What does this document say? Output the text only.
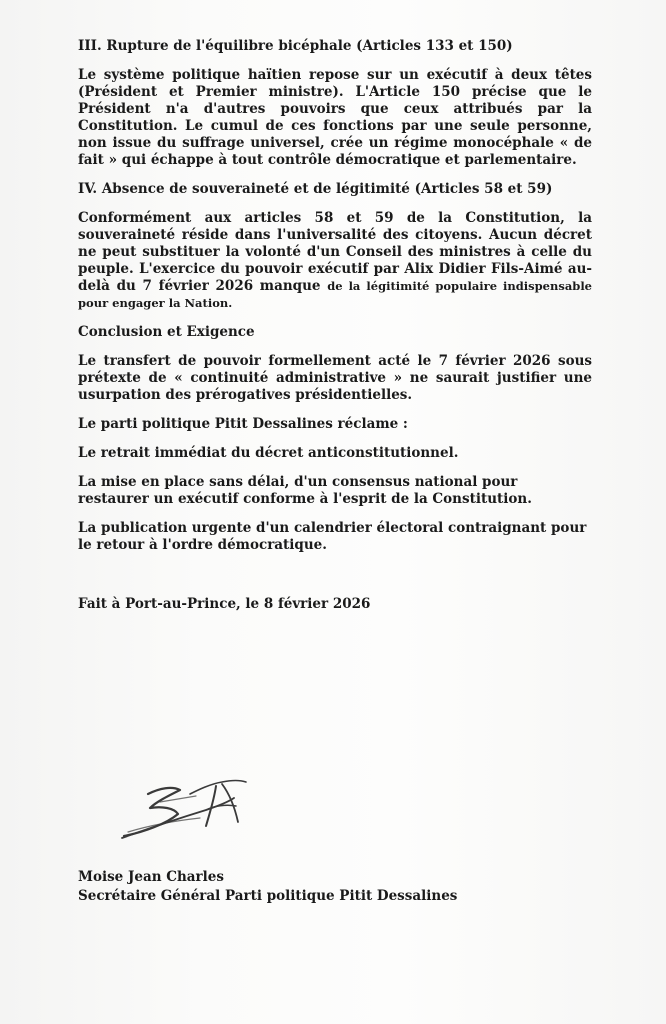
III. Rupture de l'équilibre bicéphale (Articles 133 et 150)

Le système politique haïtien repose sur un exécutif à deux têtes (Président et Premier ministre). L'Article 150 précise que le Président n'a d'autres pouvoirs que ceux attribués par la Constitution. Le cumul de ces fonctions par une seule personne, non issue du suffrage universel, crée un régime monocéphale « de fait » qui échappe à tout contrôle démocratique et parlementaire.

IV. Absence de souveraineté et de légitimité (Articles 58 et 59)

Conformément aux articles 58 et 59 de la Constitution, la souveraineté réside dans l'universalité des citoyens. Aucun décret ne peut substituer la volonté d'un Conseil des ministres à celle du peuple. L'exercice du pouvoir exécutif par Alix Didier Fils-Aimé au-delà du 7 février 2026 manque de la légitimité populaire indispensable pour engager la Nation.

Conclusion et Exigence

Le transfert de pouvoir formellement acté le 7 février 2026 sous prétexte de « continuité administrative » ne saurait justifier une usurpation des prérogatives présidentielles.

Le parti politique Pitit Dessalines réclame :

Le retrait immédiat du décret anticonstitutionnel.

La mise en place sans délai, d'un consensus national pour restaurer un exécutif conforme à l'esprit de la Constitution.

La publication urgente d'un calendrier électoral contraignant pour le retour à l'ordre démocratique.

Fait à Port-au-Prince, le 8 février 2026
Moise Jean Charles
Secrétaire Général Parti politique Pitit Dessalines
